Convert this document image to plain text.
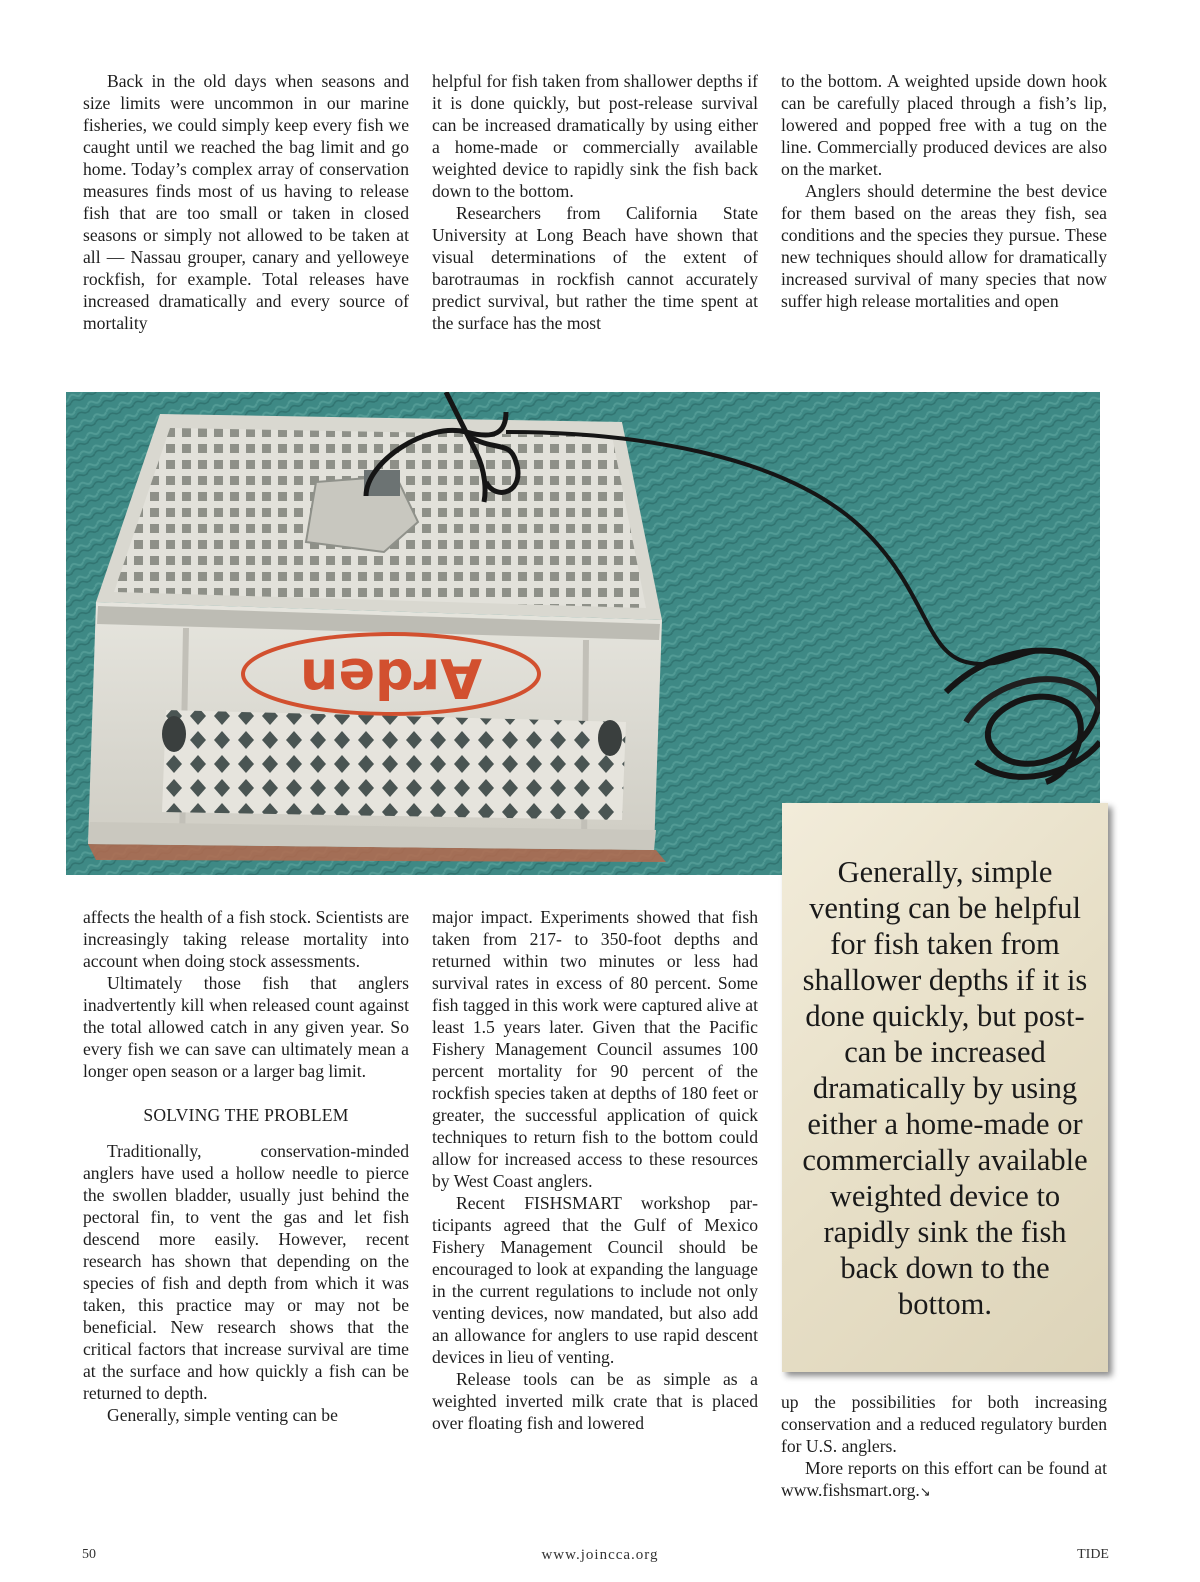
Back in the old days when seasons and size limits were uncommon in our marine fisheries, we could simply keep every fish we caught until we reached the bag limit and go home. Today’s complex array of conservation measures finds most of us having to release fish that are too small or taken in closed seasons or simply not allowed to be taken at all — Nassau grouper, canary and yelloweye rockfish, for example. Total releases have increased dramatically and every source of mortality

helpful for fish taken from shallower depths if it is done quickly, but post-release survival can be increased dramatically by using either a home-made or commercially available weighted device to rapidly sink the fish back down to the bottom.

Researchers from California State University at Long Beach have shown that visual determinations of the extent of barotraumas in rockfish cannot accurately predict survival, but rather the time spent at the surface has the most

to the bottom. A weighted upside down hook can be carefully placed through a fish’s lip, lowered and popped free with a tug on the line. Commercially produced devices are also on the market.

Anglers should determine the best device for them based on the areas they fish, sea conditions and the species they pursue. These new techniques should allow for dramatically increased survival of many species that now suffer high release mortalities and open

Arden

affects the health of a fish stock. Scientists are increasingly taking release mortality into account when doing stock assessments.

Ultimately those fish that anglers inadvertently kill when released count against the total allowed catch in any given year. So every fish we can save can ultimately mean a longer open season or a larger bag limit.

SOLVING THE PROBLEM

Traditionally, conservation-minded anglers have used a hollow needle to pierce the swollen bladder, usually just behind the pectoral fin, to vent the gas and let fish descend more easily. However, recent research has shown that depending on the species of fish and depth from which it was taken, this practice may or may not be beneficial. New research shows that the critical factors that increase survival are time at the surface and how quickly a fish can be returned to depth.

Generally, simple venting can be

major impact. Experiments showed that fish taken from 217- to 350-foot depths and returned within two minutes or less had survival rates in excess of 80 percent. Some fish tagged in this work were captured alive at least 1.5 years later. Given that the Pacific Fishery Management Council assumes 100 percent mortality for 90 percent of the rockfish species taken at depths of 180 feet or greater, the successful application of quick techniques to return fish to the bottom could allow for increased access to these resources by West Coast anglers.

Recent FISHSMART workshop participants agreed that the Gulf of Mexico Fishery Management Council should be encouraged to look at expanding the language in the current regulations to include not only venting devices, now mandated, but also add an allowance for anglers to use rapid descent devices in lieu of venting.

Release tools can be as simple as a weighted inverted milk crate that is placed over floating fish and lowered

up the possibilities for both increasing conservation and a reduced regulatory burden for U.S. anglers.

More reports on this effort can be found at www.fishsmart.org.↘

Generally, simple venting can be helpful for fish taken from shallower depths if it is done quickly, but post-can be increased dramatically by using either a home-made or commercially available weighted device to rapidly sink the fish back down to the bottom.
50	www.joincca.org	TIDE
